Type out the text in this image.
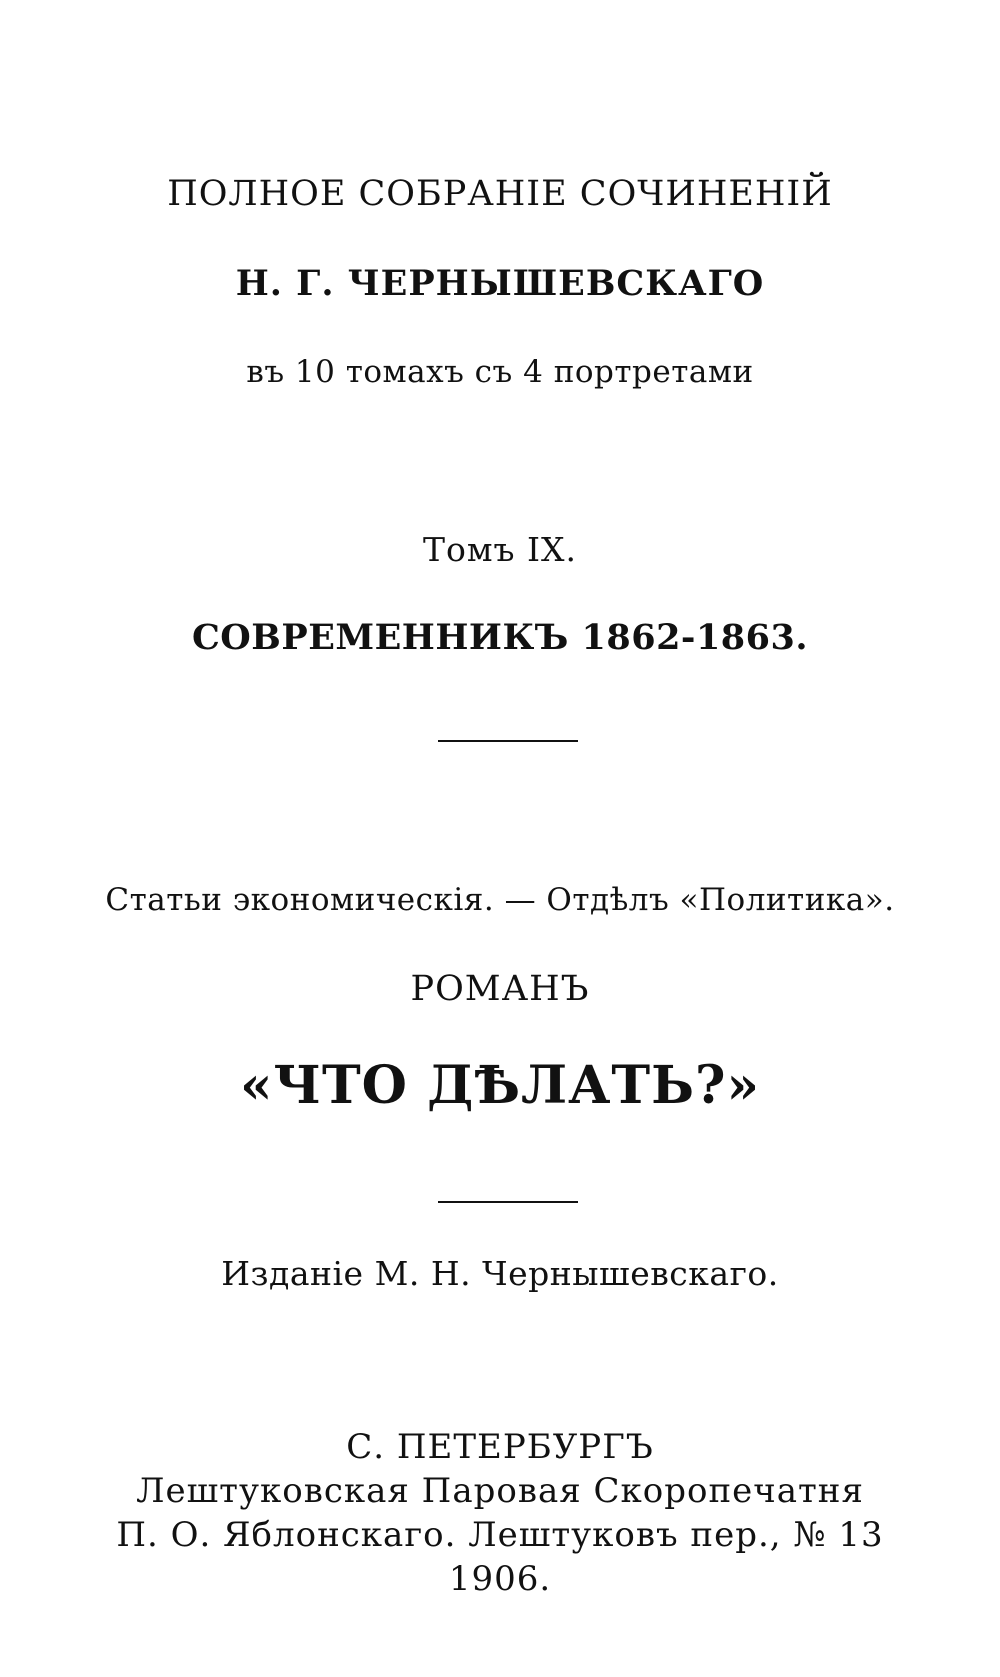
ПОЛНОЕ СОБРАНІЕ СОЧИНЕНІЙ
Н. Г. ЧЕРНЫШЕВСКАГО
въ 10 томахъ съ 4 портретами
Томъ IX.
СОВРЕМЕННИКЪ 1862-1863.
Статьи экономическія. — Отдѣлъ «Политика».
РОМАНЪ
«ЧТО ДѢЛАТЬ?»
Изданіе М. Н. Чернышевскаго.
С. ПЕТЕРБУРГЪ
Лештуковская Паровая Скоропечатня
П. О. Яблонскаго. Лештуковъ пер., № 13
1906.
